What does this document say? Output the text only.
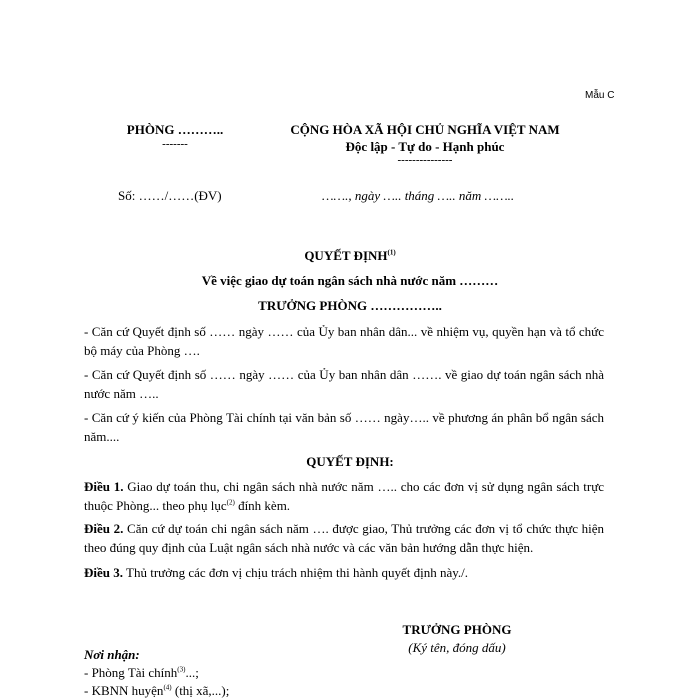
Mẫu C
PHÒNG ………..
-------
CỘNG HÒA XÃ HỘI CHỦ NGHĨA VIỆT NAM
Độc lập - Tự do - Hạnh phúc
---------------
Số: ……/……(ĐV)	……., ngày ….. tháng ….. năm ……..
QUYẾT ĐỊNH$^{(1)}$
Về việc giao dự toán ngân sách nhà nước năm ………
TRƯỞNG PHÒNG ……………..
- Căn cứ Quyết định số …… ngày …… của Ủy ban nhân dân... về nhiệm vụ, quyền hạn và tổ chức bộ máy của Phòng ….
- Căn cứ Quyết định số …… ngày …… của Ủy ban nhân dân ……. về giao dự toán ngân sách nhà nước năm …..
- Căn cứ ý kiến của Phòng Tài chính tại văn bản số …… ngày….. về phương án phân bổ ngân sách năm....
QUYẾT ĐỊNH:
Điều 1. Giao dự toán thu, chi ngân sách nhà nước năm ….. cho các đơn vị sử dụng ngân sách trực thuộc Phòng... theo phụ lục$^{(2)}$ đính kèm.
Điều 2. Căn cứ dự toán chi ngân sách năm …. được giao, Thủ trưởng các đơn vị tổ chức thực hiện theo đúng quy định của Luật ngân sách nhà nước và các văn bản hướng dẫn thực hiện.
Điều 3. Thủ trưởng các đơn vị chịu trách nhiệm thi hành quyết định này./.
TRƯỞNG PHÒNG
(Ký tên, đóng dấu)
Nơi nhận:
- Phòng Tài chính$^{(3)}$...;
- KBNN huyện$^{(4)}$ (thị xã,...);
